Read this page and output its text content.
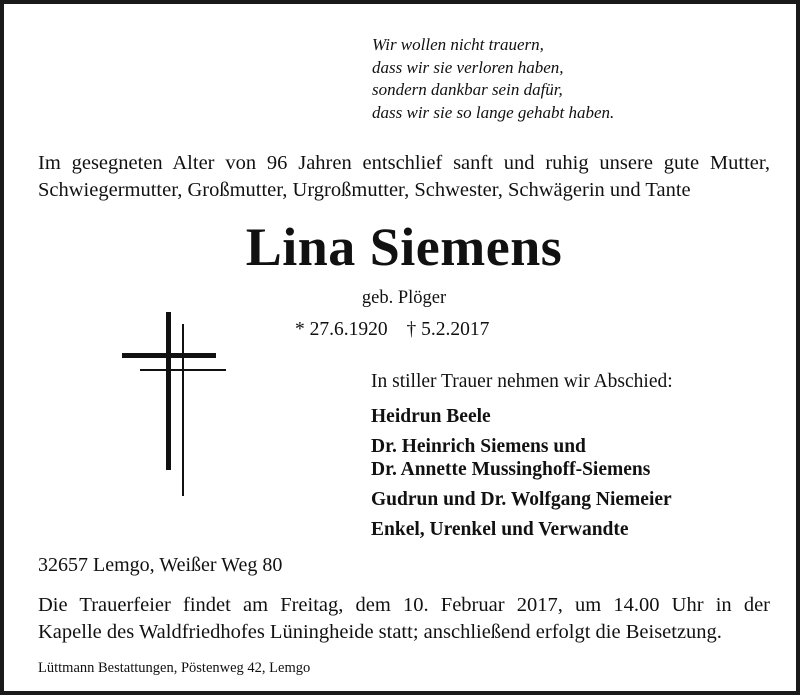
Wir wollen nicht trauern,
dass wir sie verloren haben,
sondern dankbar sein dafür,
dass wir sie so lange gehabt haben.
Im gesegneten Alter von 96 Jahren entschlief sanft und ruhig unsere gute Mutter,
Schwiegermutter, Großmutter, Urgroßmutter, Schwester, Schwägerin und Tante
Lina Siemens
geb. Plöger
* 27.6.1920 † 5.2.2017
In stiller Trauer nehmen wir Abschied:
Heidrun Beele
Dr. Heinrich Siemens und
Dr. Annette Mussinghoff-Siemens
Gudrun und Dr. Wolfgang Niemeier
Enkel, Urenkel und Verwandte
32657 Lemgo, Weißer Weg 80
Die Trauerfeier findet am Freitag, dem 10. Februar 2017, um 14.00 Uhr in der
Kapelle des Waldfriedhofes Lüningheide statt; anschließend erfolgt die Beisetzung.
Lüttmann Bestattungen, Pöstenweg 42, Lemgo
